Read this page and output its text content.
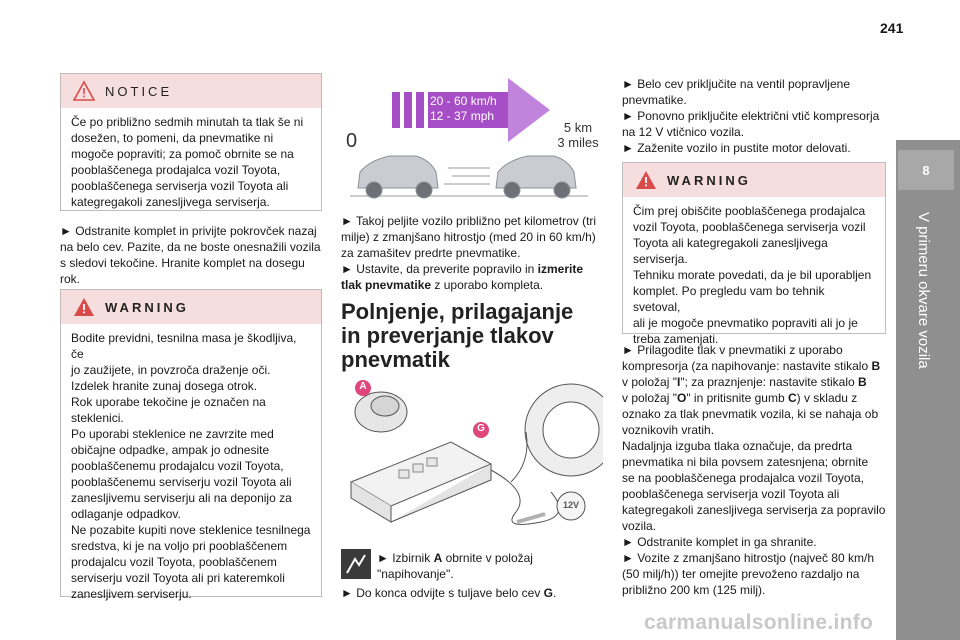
241
8
V primeru okvare vozila
NOTICE
Če po približno sedmih minutah ta tlak še ni
dosežen, to pomeni, da pnevmatike ni
mogoče popraviti; za pomoč obrnite se na
pooblaščenega prodajalca vozil Toyota,
pooblaščenega serviserja vozil Toyota ali
kategregakoli zanesljivega serviserja.
► Odstranite komplet in privijte pokrovček nazaj
na belo cev. Pazite, da ne boste onesnažili vozila
s sledovi tekočine. Hranite komplet na dosegu
rok.
WARNING
Bodite previdni, tesnilna masa je škodljiva, če
jo zaužijete, in povzroča draženje oči.
Izdelek hranite zunaj dosega otrok.
Rok uporabe tekočine je označen na
steklenici.
Po uporabi steklenice ne zavrzite med
običajne odpadke, ampak jo odnesite
pooblaščenemu prodajalcu vozil Toyota,
pooblaščenemu serviserju vozil Toyota ali
zanesljivemu serviserju ali na deponijo za
odlaganje odpadkov.
Ne pozabite kupiti nove steklenice tesnilnega
sredstva, ki je na voljo pri pooblaščenem
prodajalcu vozil Toyota, pooblaščenem
serviserju vozil Toyota ali pri kateremkoli
zanesljivem serviserju.
0
20 - 60 km/h
12 - 37 mph
5 km
3 miles
► Takoj peljite vozilo približno pet kilometrov (tri
milje) z zmanjšano hitrostjo (med 20 in 60 km/h)
za zamašitev predrte pnevmatike.
► Ustavite, da preverite popravilo in izmerite
tlak pnevmatike z uporabo kompleta.
Polnjenje, prilagajanje
in preverjanje tlakov
pnevmatik
A
G
12V
► Izbirnik A obrnite v položaj
"napihovanje".
► Do konca odvijte s tuljave belo cev G.
► Belo cev priključite na ventil popravljene
pnevmatike.
► Ponovno priključite električni vtič kompresorja
na 12 V vtičnico vozila.
► Zaženite vozilo in pustite motor delovati.
WARNING
Čim prej obiščite pooblaščenega prodajalca
vozil Toyota, pooblaščenega serviserja vozil
Toyota ali kategregakoli zanesljivega
serviserja.
Tehniku morate povedati, da je bil uporabljen
komplet. Po pregledu vam bo tehnik svetoval,
ali je mogoče pnevmatiko popraviti ali jo je
treba zamenjati.
► Prilagodite tlak v pnevmatiki z uporabo
kompresorja (za napihovanje: nastavite stikalo B
v položaj "I"; za praznjenje: nastavite stikalo B
v položaj "O" in pritisnite gumb C) v skladu z
oznako za tlak pnevmatik vozila, ki se nahaja ob
voznikovih vratih.
Nadaljnja izguba tlaka označuje, da predrta
pnevmatika ni bila povsem zatesnjena; obrnite
se na pooblaščenega prodajalca vozil Toyota,
pooblaščenega serviserja vozil Toyota ali
kategregakoli zanesljivega serviserja za popravilo
vozila.
► Odstranite komplet in ga shranite.
► Vozite z zmanjšano hitrostjo (največ 80 km/h
(50 milj/h)) ter omejite prevoženo razdaljo na
približno 200 km (125 milj).
carmanualsonline.info
